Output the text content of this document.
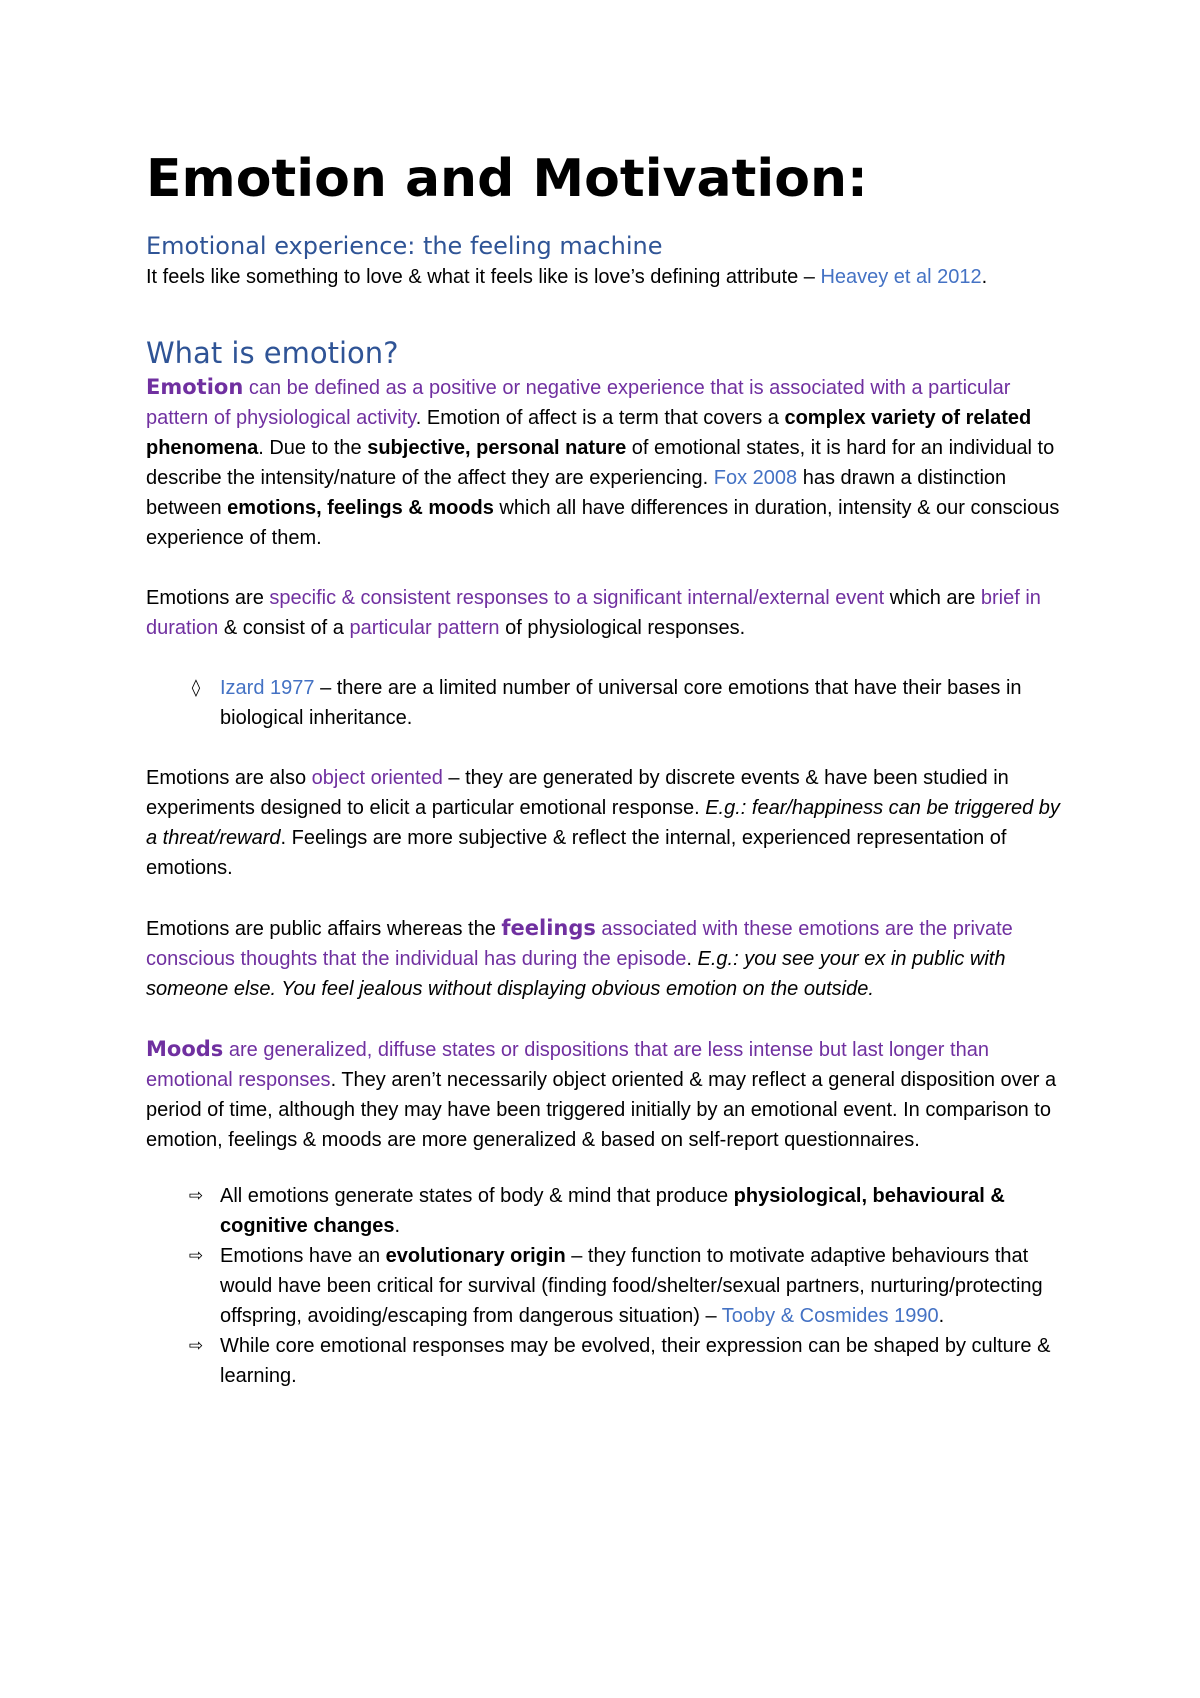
Emotion and Motivation:
Emotional experience: the feeling machine

It feels like something to love & what it feels like is love’s defining attribute – Heavey et al 2012.

What is emotion?

Emotion can be defined as a positive or negative experience that is associated with a particular pattern of physiological activity. Emotion of affect is a term that covers a complex variety of related phenomena. Due to the subjective, personal nature of emotional states, it is hard for an individual to describe the intensity/nature of the affect they are experiencing. Fox 2008 has drawn a distinction between emotions, feelings & moods which all have differences in duration, intensity & our conscious experience of them.

Emotions are specific & consistent responses to a significant internal/external event which are brief in duration & consist of a particular pattern of physiological responses.

◊ Izard 1977 – there are a limited number of universal core emotions that have their bases in biological inheritance.

Emotions are also object oriented – they are generated by discrete events & have been studied in experiments designed to elicit a particular emotional response. E.g.: fear/happiness can be triggered by a threat/reward. Feelings are more subjective & reflect the internal, experienced representation of emotions.

Emotions are public affairs whereas the feelings associated with these emotions are the private conscious thoughts that the individual has during the episode. E.g.: you see your ex in public with someone else. You feel jealous without displaying obvious emotion on the outside.

Moods are generalized, diffuse states or dispositions that are less intense but last longer than emotional responses. They aren’t necessarily object oriented & may reflect a general disposition over a period of time, although they may have been triggered initially by an emotional event. In comparison to emotion, feelings & moods are more generalized & based on self-report questionnaires.

⇨ All emotions generate states of body & mind that produce physiological, behavioural & cognitive changes.
⇨ Emotions have an evolutionary origin – they function to motivate adaptive behaviours that would have been critical for survival (finding food/shelter/sexual partners, nurturing/protecting offspring, avoiding/escaping from dangerous situation) – Tooby & Cosmides 1990.
⇨ While core emotional responses may be evolved, their expression can be shaped by culture & learning.
